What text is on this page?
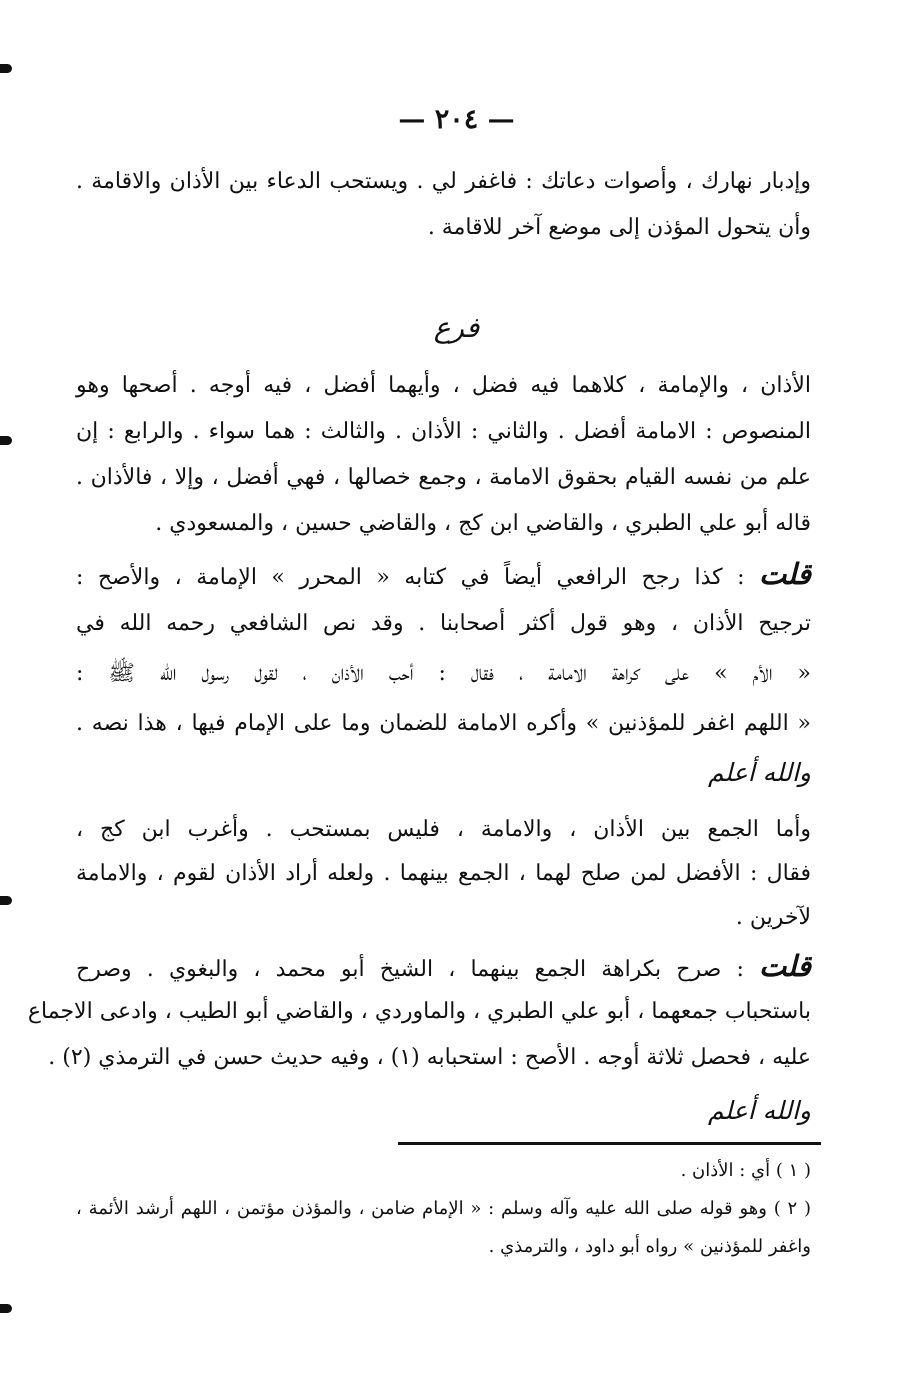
— ٢٠٤ —
وإدبار نهارك ، وأصوات دعاتك : فاغفر لي . ويستحب الدعاء بين الأذان والاقامة .
وأن يتحول المؤذن إلى موضع آخر للاقامة .
فرع
الأذان ، والإمامة ، كلاهما فيه فضل ، وأيهما أفضل ، فيه أوجه . أصحها وهو
المنصوص : الامامة أفضل . والثاني : الأذان . والثالث : هما سواء . والرابع : إن
علم من نفسه القيام بحقوق الامامة ، وجمع خصالها ، فهي أفضل ، وإلا ، فالأذان .
قاله أبو علي الطبري ، والقاضي ابن كج ، والقاضي حسين ، والمسعودي .
قلت : كذا رجح الرافعي أيضاً في كتابه « المحرر » الإمامة ، والأصح :
ترجيح الأذان ، وهو قول أكثر أصحابنا . وقد نص الشافعي رحمه الله في
« الأم » على كراهة الامامة ، فقال : أحب الأذان ، لقول رسول الله ﷺ :
« اللهم اغفر للمؤذنين » وأكره الامامة للضمان وما على الإمام فيها ، هذا نصه .
والله أعلم
وأما الجمع بين الأذان ، والامامة ، فليس بمستحب . وأغرب ابن كج ،
فقال : الأفضل لمن صلح لهما ، الجمع بينهما . ولعله أراد الأذان لقوم ، والامامة
لآخرين .
قلت : صرح بكراهة الجمع بينهما ، الشيخ أبو محمد ، والبغوي . وصرح
باستحباب جمعهما ، أبو علي الطبري ، والماوردي ، والقاضي أبو الطيب ، وادعى الاجماع
عليه ، فحصل ثلاثة أوجه . الأصح : استحبابه (١) ، وفيه حديث حسن في الترمذي (٢) .
والله أعلم
( ١ ) أي : الأذان .
( ٢ ) وهو قوله صلى الله عليه وآله وسلم : « الإمام ضامن ، والمؤذن مؤتمن ، اللهم أرشد الأئمة ،
واغفر للمؤذنين » رواه أبو داود ، والترمذي .
